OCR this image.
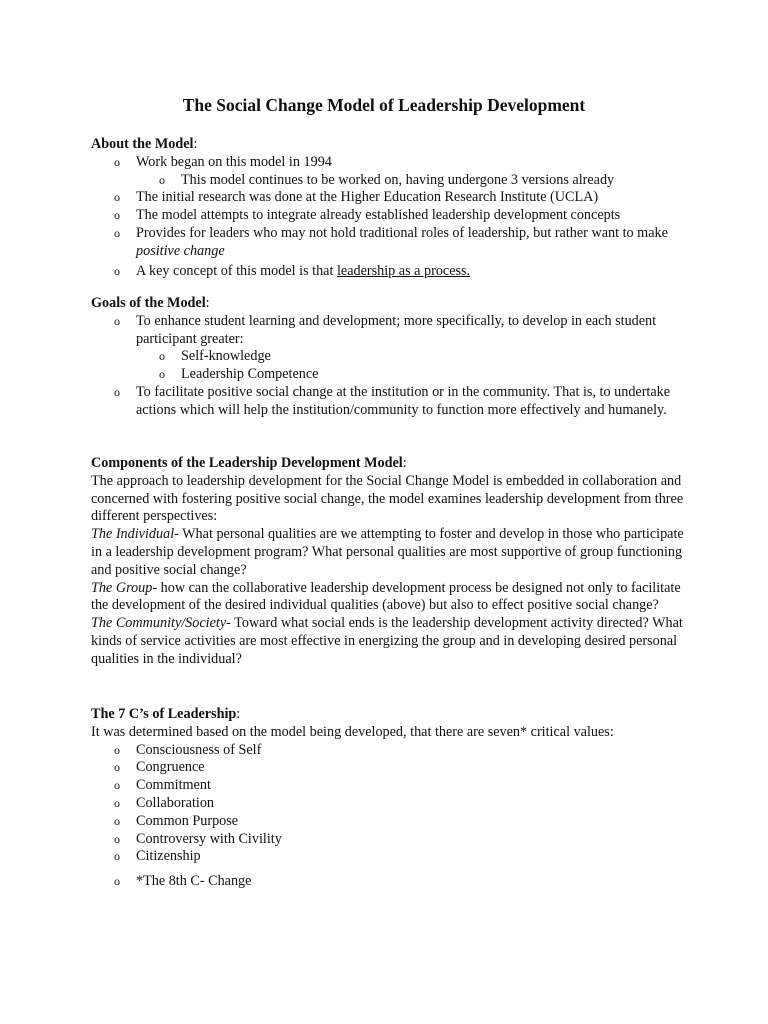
The Social Change Model of Leadership Development
About the Model:
o Work began on this model in 1994
o This model continues to be worked on, having undergone 3 versions already
o The initial research was done at the Higher Education Research Institute (UCLA)
o The model attempts to integrate already established leadership development concepts
o Provides for leaders who may not hold traditional roles of leadership, but rather want to make positive change
o A key concept of this model is that leadership as a process.
Goals of the Model:
o To enhance student learning and development; more specifically, to develop in each student participant greater:
o Self-knowledge
o Leadership Competence
o To facilitate positive social change at the institution or in the community. That is, to undertake actions which will help the institution/community to function more effectively and humanely.
Components of the Leadership Development Model:
The approach to leadership development for the Social Change Model is embedded in collaboration and concerned with fostering positive social change, the model examines leadership development from three different perspectives:
The Individual- What personal qualities are we attempting to foster and develop in those who participate in a leadership development program? What personal qualities are most supportive of group functioning and positive social change?
The Group- how can the collaborative leadership development process be designed not only to facilitate the development of the desired individual qualities (above) but also to effect positive social change?
The Community/Society- Toward what social ends is the leadership development activity directed? What kinds of service activities are most effective in energizing the group and in developing desired personal qualities in the individual?
The 7 C’s of Leadership:
It was determined based on the model being developed, that there are seven* critical values:
o Consciousness of Self
o Congruence
o Commitment
o Collaboration
o Common Purpose
o Controversy with Civility
o Citizenship
o *The 8th C- Change
